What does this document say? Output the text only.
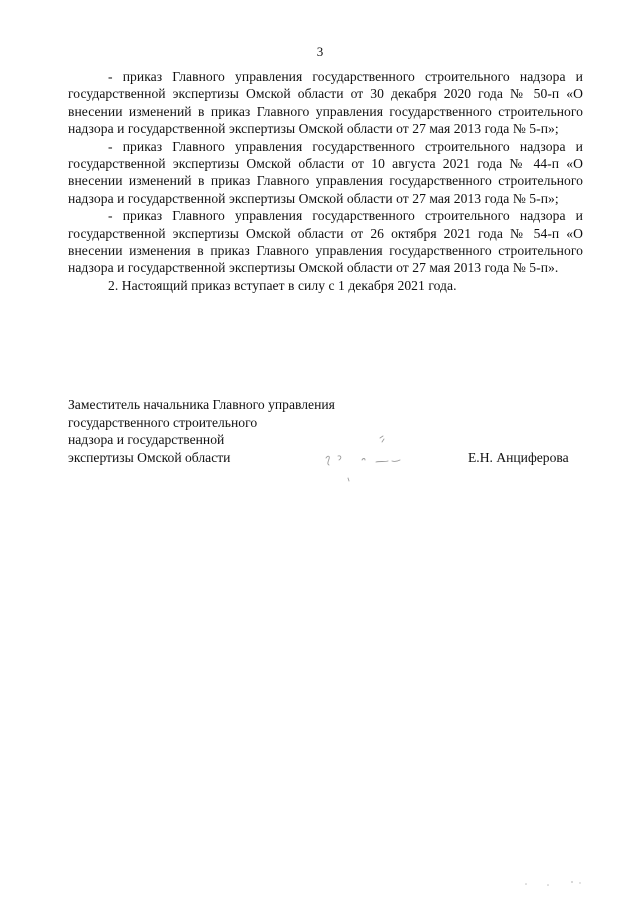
3

- приказ Главного управления государственного строительного надзора и государственной экспертизы Омской области от 30 декабря 2020 года № 50-п «О внесении изменений в приказ Главного управления государственного строительного надзора и государственной экспертизы Омской области от 27 мая 2013 года № 5-п»;

- приказ Главного управления государственного строительного надзора и государственной экспертизы Омской области от 10 августа 2021 года № 44-п «О внесении изменений в приказ Главного управления государственного строительного надзора и государственной экспертизы Омской области от 27 мая 2013 года № 5-п»;

- приказ Главного управления государственного строительного надзора и государственной экспертизы Омской области от 26 октября 2021 года № 54-п «О внесении изменения в приказ Главного управления государственного строительного надзора и государственной экспертизы Омской области от 27 мая 2013 года № 5-п».

2. Настоящий приказ вступает в силу с 1 декабря 2021 года.

Заместитель начальника Главного управления
государственного строительного
надзора и государственной
экспертизы Омской области	Е.Н. Анциферова
